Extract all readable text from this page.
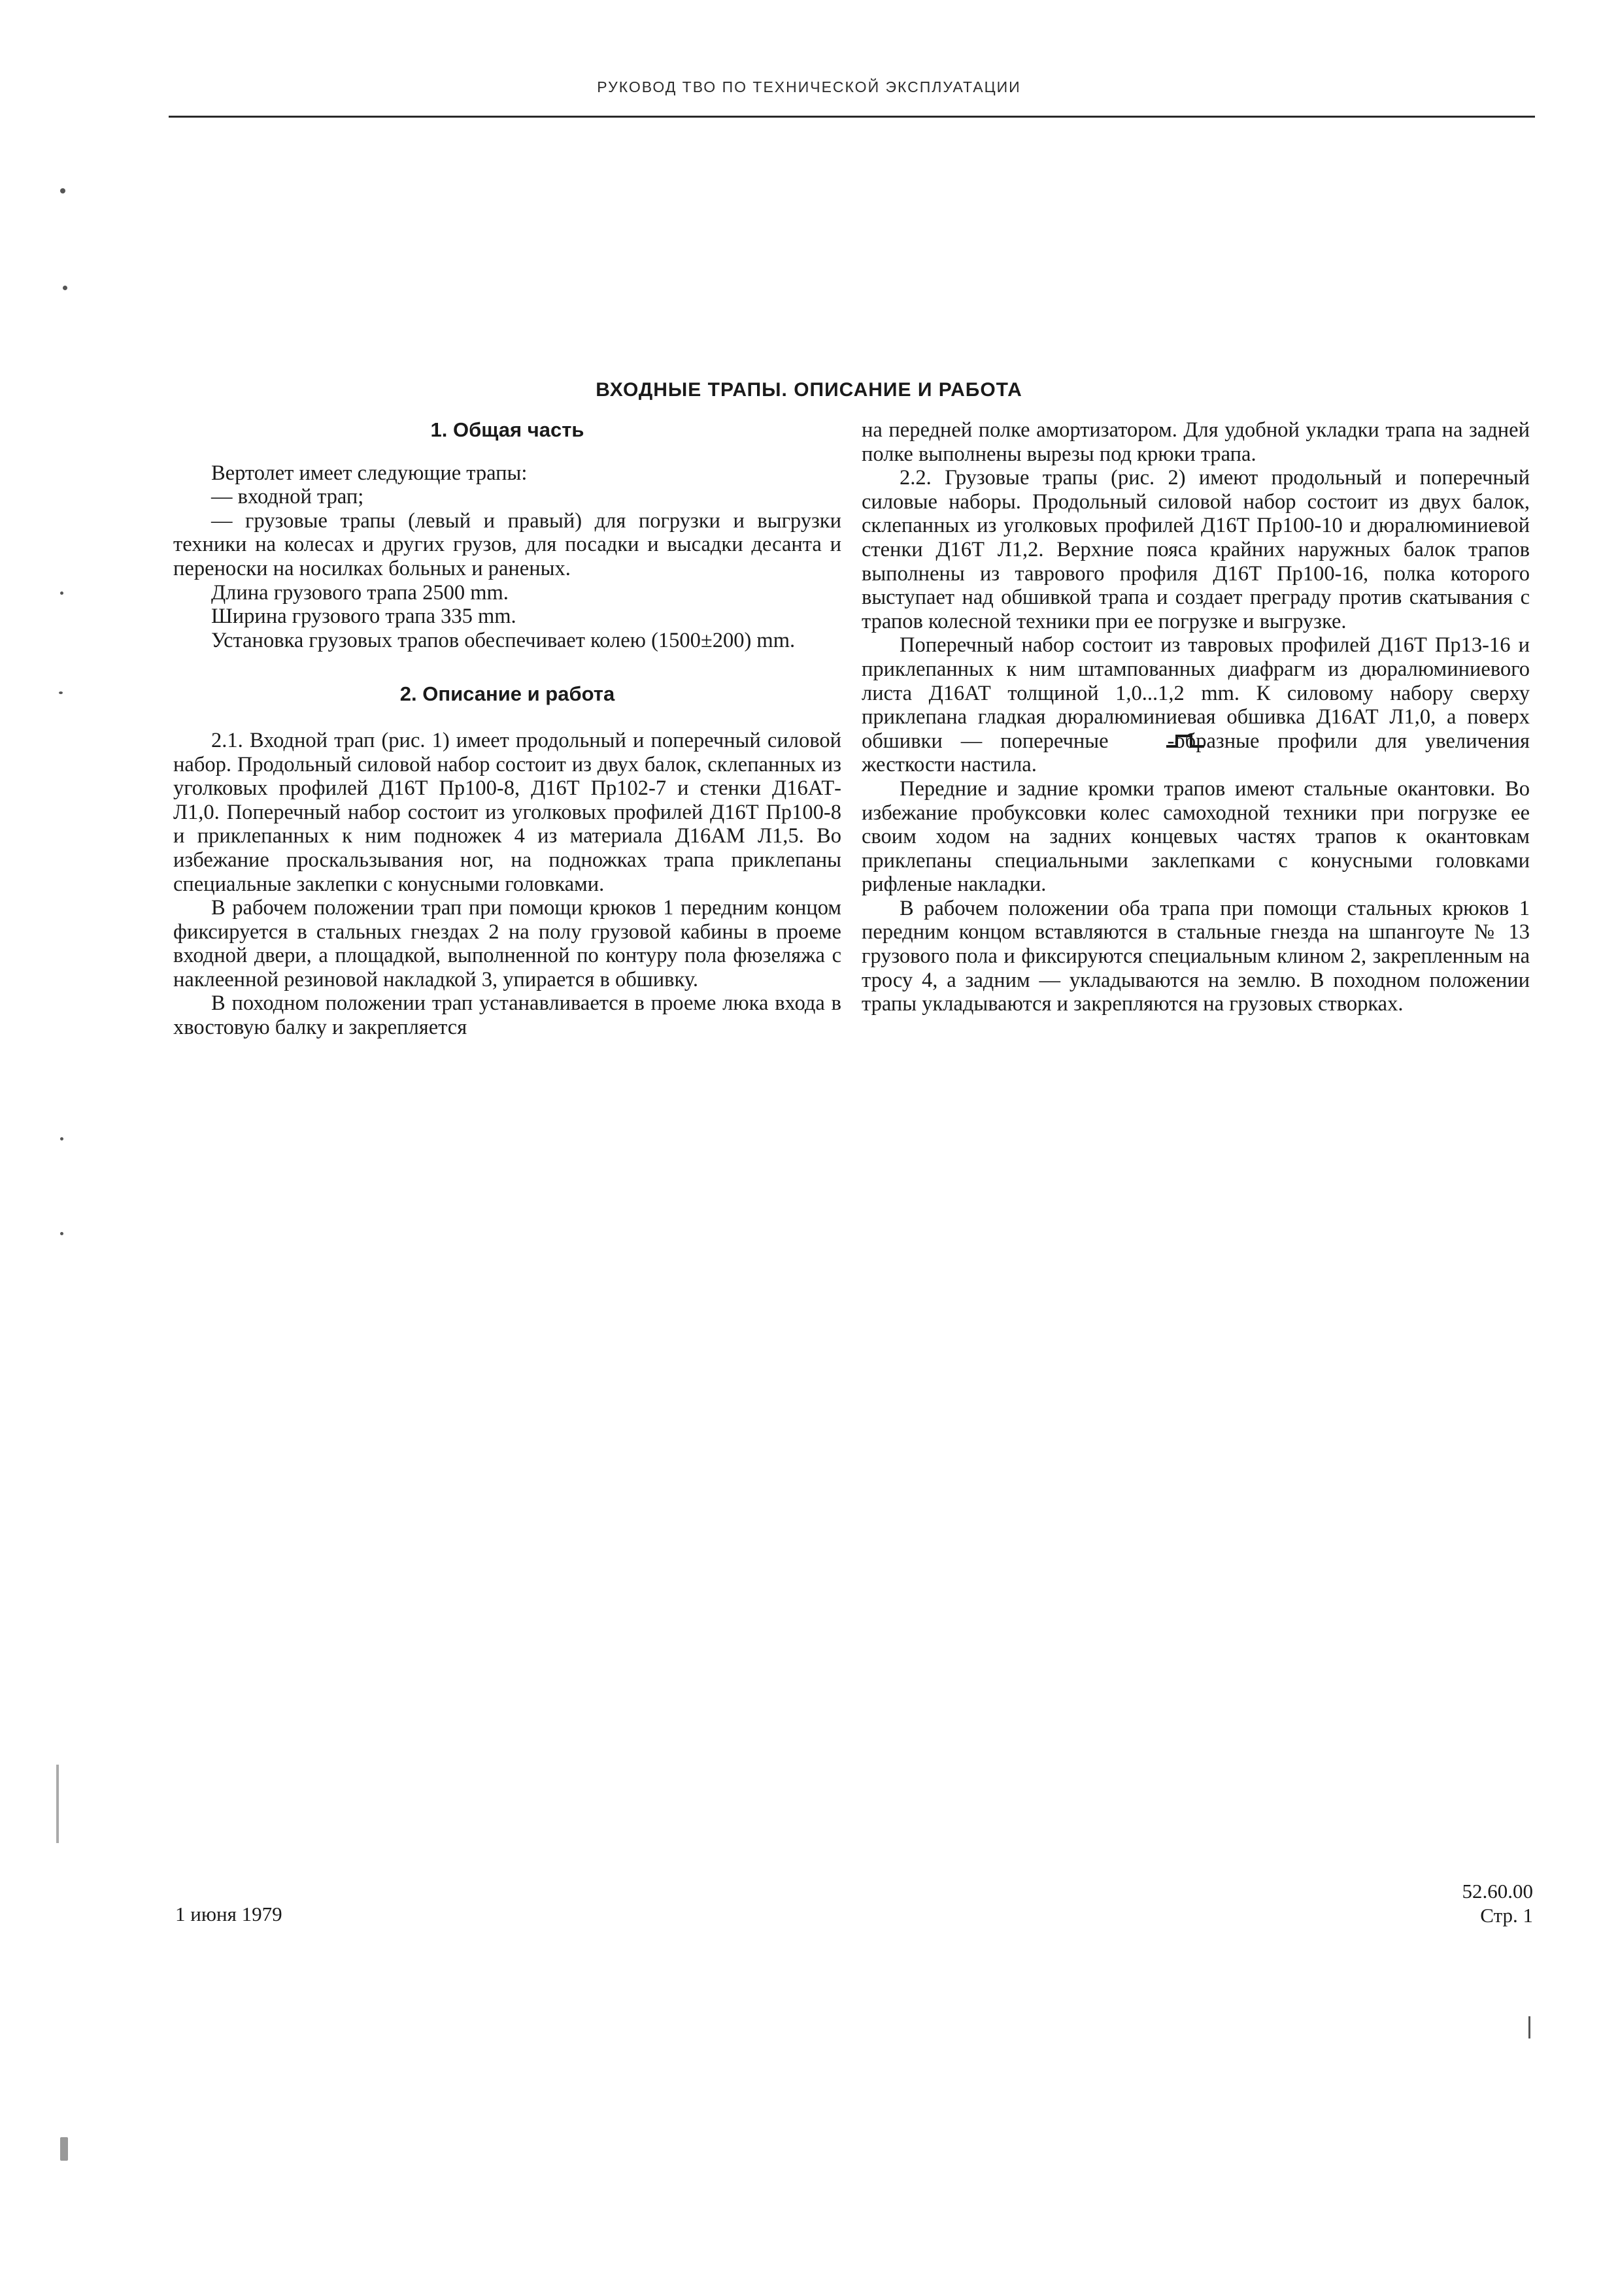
РУКОВОД ТВО ПО ТЕХНИЧЕСКОЙ ЭКСПЛУАТАЦИИ
ВХОДНЫЕ ТРАПЫ. ОПИСАНИЕ И РАБОТА
1. Общая часть

Вертолет имеет следующие трапы:

— входной трап;

— грузовые трапы (левый и правый) для погрузки и выгрузки техники на колесах и других грузов, для посадки и высадки десанта и переноски на носилках больных и раненых.

Длина грузового трапа 2500 mm.

Ширина грузового трапа 335 mm.

Установка грузовых трапов обеспечивает колею (1500±200) mm.

2. Описание и работа

2.1. Входной трап (рис. 1) имеет продольный и поперечный силовой набор. Продольный силовой набор состоит из двух балок, склепанных из уголковых профилей Д16Т Пр100-8, Д16Т Пр102-7 и стенки Д16АТ-Л1,0. Поперечный набор состоит из уголковых профилей Д16Т Пр100-8 и приклепанных к ним подножек 4 из материала Д16АМ Л1,5. Во избежание проскальзывания ног, на подножках трапа приклепаны специальные заклепки с конусными головками.

В рабочем положении трап при помощи крюков 1 передним концом фиксируется в стальных гнездах 2 на полу грузовой кабины в проеме входной двери, а площадкой, выполненной по контуру пола фюзеляжа с наклеенной резиновой накладкой 3, упирается в обшивку.

В походном положении трап устанавливается в проеме люка входа в хвостовую балку и закрепляется

на передней полке амортизатором. Для удобной укладки трапа на задней полке выполнены вырезы под крюки трапа.

2.2. Грузовые трапы (рис. 2) имеют продольный и поперечный силовые наборы. Продольный силовой набор состоит из двух балок, склепанных из уголковых профилей Д16Т Пр100-10 и дюралюминиевой стенки Д16Т Л1,2. Верхние пояса крайних наружных балок трапов выполнены из таврового профиля Д16Т Пр100-16, полка которого выступает над обшивкой трапа и создает преграду против скатывания с трапов колесной техники при ее погрузке и выгрузке.

Поперечный набор состоит из тавровых профилей Д16Т Пр13-16 и приклепанных к ним штампованных диафрагм из дюралюминиевого листа Д16АТ толщиной 1,0...1,2 mm. К силовому набору сверху приклепана гладкая дюралюминиевая обшивка Д16АТ Л1,0, а поверх обшивки — поперечные	-образные профили для увеличения жесткости настила.

Передние и задние кромки трапов имеют стальные окантовки. Во избежание пробуксовки колес самоходной техники при погрузке ее своим ходом на задних концевых частях трапов к окантовкам приклепаны специальными заклепками с конусными головками рифленые накладки.

В рабочем положении оба трапа при помощи стальных крюков 1 передним концом вставляются в стальные гнезда на шпангоуте № 13 грузового пола и фиксируются специальным клином 2, закрепленным на тросу 4, а задним — укладываются на землю. В походном положении трапы укладываются и закрепляются на грузовых створках.

1 июня 1979
52.60.00
Стр. 1
